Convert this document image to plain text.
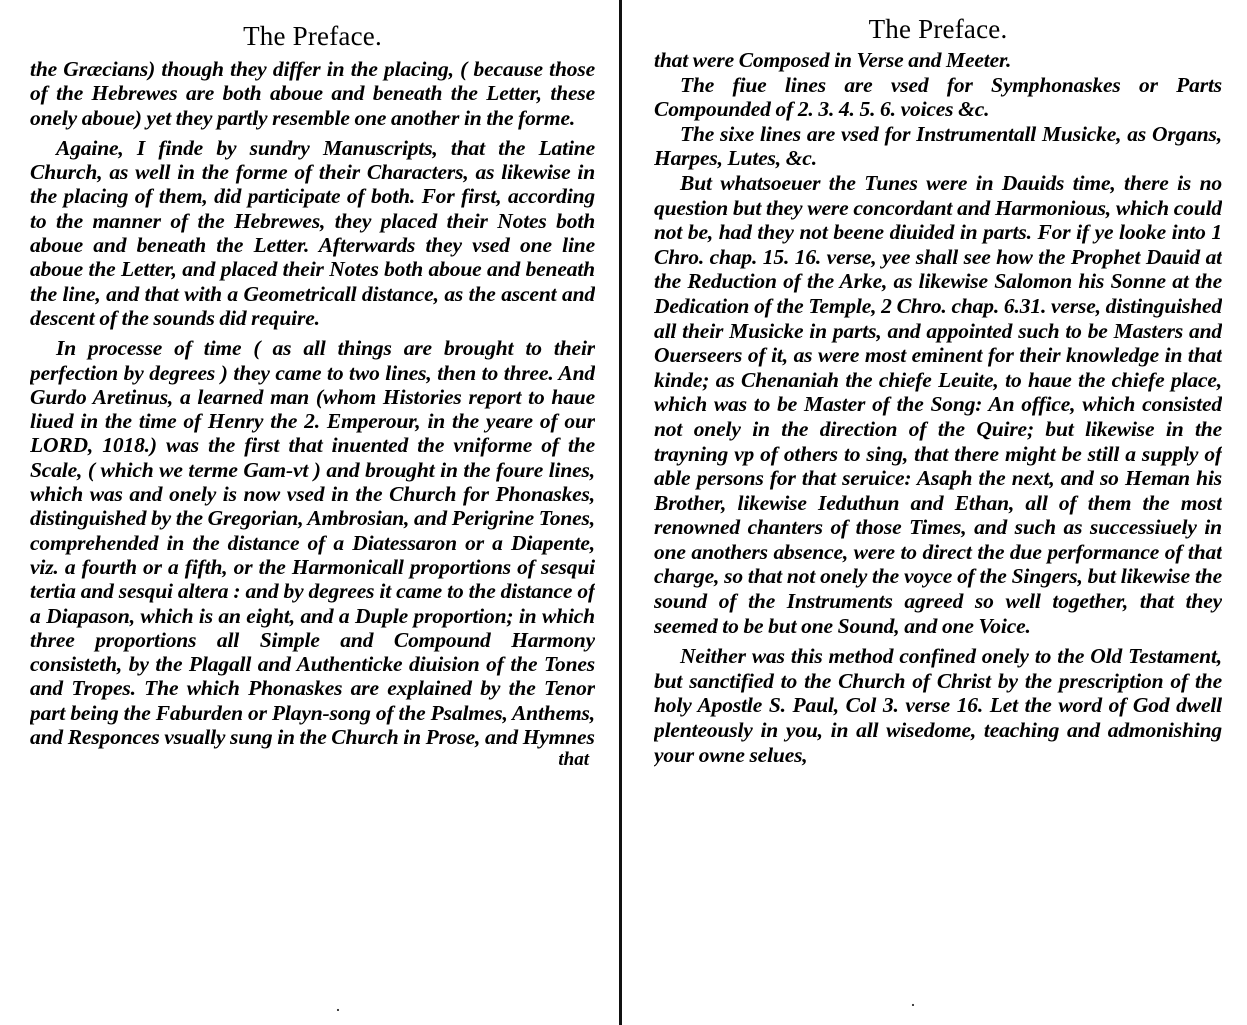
The Preface.

the Græcians) though they differ in the placing, ( because those of the Hebrewes are both aboue and beneath the Letter, these onely aboue) yet they partly resemble one another in the forme.

Againe, I finde by sundry Manuscripts, that the Latine Church, as well in the forme of their Characters, as likewise in the placing of them, did participate of both. For first, according to the manner of the Hebrewes, they placed their Notes both aboue and beneath the Letter. Afterwards they vsed one line aboue the Letter, and placed their Notes both aboue and beneath the line, and that with a Geometricall distance, as the ascent and descent of the sounds did require.

In processe of time ( as all things are brought to their perfection by degrees ) they came to two lines, then to three. And Gurdo Aretinus, a learned man (whom Histories report to haue liued in the time of Henry the 2. Emperour, in the yeare of our LORD, 1018.) was the first that inuented the vniforme of the Scale, ( which we terme Gam-vt ) and brought in the foure lines, which was and onely is now vsed in the Church for Phonaskes, distinguished by the Gregorian, Ambrosian, and Perigrine Tones, comprehended in the distance of a Diatessaron or a Diapente, viz. a fourth or a fifth, or the Harmonicall proportions of sesqui tertia and sesqui altera : and by degrees it came to the distance of a Diapason, which is an eight, and a Duple proportion; in which three proportions all Simple and Compound Harmony consisteth, by the Plagall and Authenticke diuision of the Tones and Tropes. The which Phonaskes are explained by the Tenor part being the Faburden or Playn-song of the Psalmes, Anthems, and Responces vsually sung in the Church in Prose, and Hymnes

that
The Preface.

that were Composed in Verse and Meeter.

The fiue lines are vsed for Symphonaskes or Parts Compounded of 2. 3. 4. 5. 6. voices &c.

The sixe lines are vsed for Instrumentall Musicke, as Organs, Harpes, Lutes, &c.

But whatsoeuer the Tunes were in Dauids time, there is no question but they were concordant and Harmonious, which could not be, had they not beene diuided in parts. For if ye looke into 1 Chro. chap. 15. 16. verse, yee shall see how the Prophet Dauid at the Reduction of the Arke, as likewise Salomon his Sonne at the Dedication of the Temple, 2 Chro. chap. 6.31. verse, distinguished all their Musicke in parts, and appointed such to be Masters and Ouerseers of it, as were most eminent for their knowledge in that kinde; as Chenaniah the chiefe Leuite, to haue the chiefe place, which was to be Master of the Song: An office, which consisted not onely in the direction of the Quire; but likewise in the trayning vp of others to sing, that there might be still a supply of able persons for that seruice: Asaph the next, and so Heman his Brother, likewise Ieduthun and Ethan, all of them the most renowned chanters of those Times, and such as successiuely in one anothers absence, were to direct the due performance of that charge, so that not onely the voyce of the Singers, but likewise the sound of the Instruments agreed so well together, that they seemed to be but one Sound, and one Voice.

Neither was this method confined onely to the Old Testament, but sanctified to the Church of Christ by the prescription of the holy Apostle S. Paul, Col 3. verse 16. Let the word of God dwell plenteously in you, in all wisedome, teaching and admonishing your owne selues,

·	·
